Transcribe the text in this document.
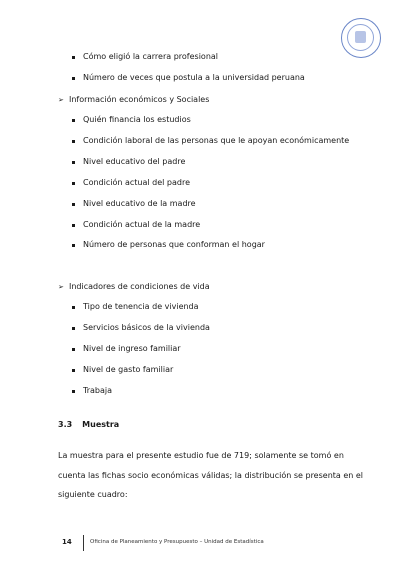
Cómo eligió la carrera profesional
Número de veces que postula a la universidad peruana
➢ Información económicos y Sociales
Quién financia los estudios
Condición laboral de las personas que le apoyan económicamente
Nivel educativo del padre
Condición actual del padre
Nivel educativo de la madre
Condición actual de la madre
Número de personas que conforman el hogar
➢ Indicadores de condiciones de vida
Tipo de tenencia de vivienda
Servicios básicos de la vivienda
Nivel de ingreso familiar
Nivel de gasto familiar
Trabaja
3.3 Muestra
La muestra para el presente estudio fue de 719; solamente se tomó en
cuenta las fichas socio económicas válidas; la distribución se presenta en el
siguiente cuadro:
14	Oficina de Planeamiento y Presupuesto – Unidad de Estadística
